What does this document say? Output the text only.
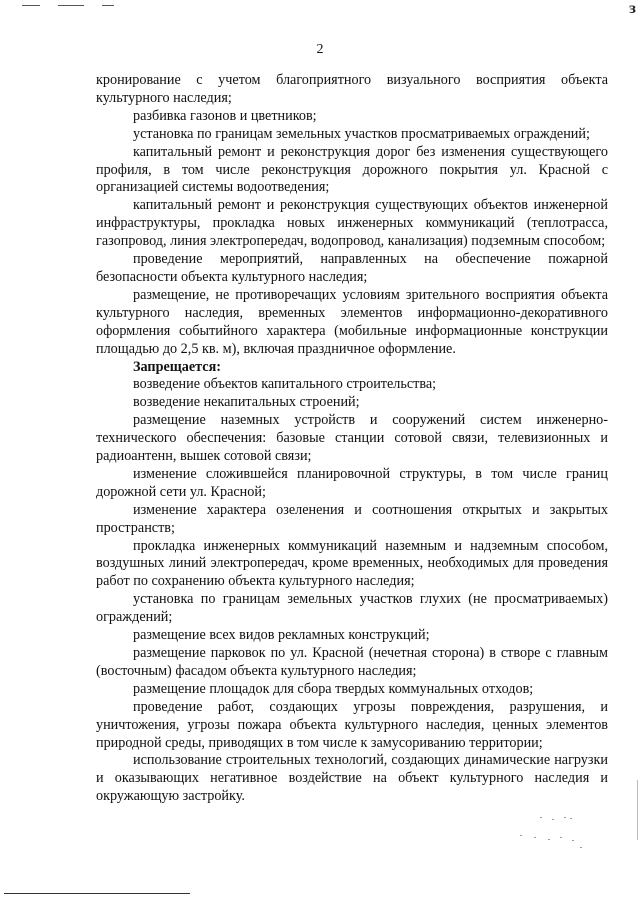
ɜ
2

кронирование с учетом благоприятного визуального восприятия объекта культурного наследия;

разбивка газонов и цветников;

установка по границам земельных участков просматриваемых ограждений;

капитальный ремонт и реконструкция дорог без изменения существующего профиля, в том числе реконструкция дорожного покрытия ул. Красной с организацией системы водоотведения;

капитальный ремонт и реконструкция существующих объектов инженерной инфраструктуры, прокладка новых инженерных коммуникаций (теплотрасса, газопровод, линия электропередач, водопровод, канализация) подземным способом;

проведение мероприятий, направленных на обеспечение пожарной безопасности объекта культурного наследия;

размещение, не противоречащих условиям зрительного восприятия объекта культурного наследия, временных элементов информационно-декоративного оформления событийного характера (мобильные информационные конструкции площадью до 2,5 кв. м), включая праздничное оформление.

Запрещается:

возведение объектов капитального строительства;

возведение некапитальных строений;

размещение наземных устройств и сооружений систем инженерно-технического обеспечения: базовые станции сотовой связи, телевизионных и радиоантенн, вышек сотовой связи;

изменение сложившейся планировочной структуры, в том числе границ дорожной сети ул. Красной;

изменение характера озеленения и соотношения открытых и закрытых пространств;

прокладка инженерных коммуникаций наземным и надземным способом, воздушных линий электропередач, кроме временных, необходимых для проведения работ по сохранению объекта культурного наследия;

установка по границам земельных участков глухих (не просматриваемых) ограждений;

размещение всех видов рекламных конструкций;

размещение парковок по ул. Красной (нечетная сторона) в створе с главным (восточным) фасадом объекта культурного наследия;

размещение площадок для сбора твердых коммунальных отходов;

проведение работ, создающих угрозы повреждения, разрушения, и уничтожения, угрозы пожара объекта культурного наследия, ценных элементов природной среды, приводящих в том числе к замусориванию территории;

использование строительных технологий, создающих динамические нагрузки и оказывающих негативное воздействие на объект культурного наследия и окружающую застройку.
